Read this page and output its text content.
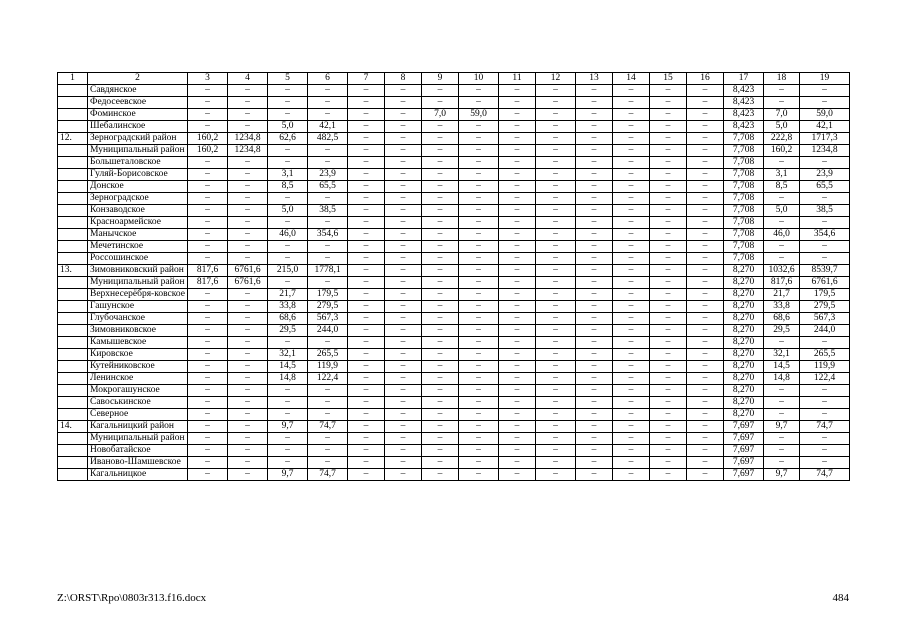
1	2	3	4	5	6	7	8	9	10	11	12	13	14	15	16	17	18	19
	Савдянское	–	–	–	–	–	–	–	–	–	–	–	–	–	–	8,423	–	–
	Федосеевское	–	–	–	–	–	–	–	–	–	–	–	–	–	–	8,423	–	–
	Фоминское	–	–	–	–	–	–	7,0	59,0	–	–	–	–	–	–	8,423	7,0	59,0
	Шебалинское	–	–	5,0	42,1	–	–	–	–	–	–	–	–	–	–	8,423	5,0	42,1
12.	Зерноградский район	160,2	1234,8	62,6	482,5	–	–	–	–	–	–	–	–	–	–	7,708	222,8	1717,3
	Муниципальный район	160,2	1234,8	–	–	–	–	–	–	–	–	–	–	–	–	7,708	160,2	1234,8
	Большеталовское	–	–	–	–	–	–	–	–	–	–	–	–	–	–	7,708	–	–
	Гуляй-Борисовское	–	–	3,1	23,9	–	–	–	–	–	–	–	–	–	–	7,708	3,1	23,9
	Донское	–	–	8,5	65,5	–	–	–	–	–	–	–	–	–	–	7,708	8,5	65,5
	Зерноградское	–	–	–	–	–	–	–	–	–	–	–	–	–	–	7,708	–	–
	Конзаводское	–	–	5,0	38,5	–	–	–	–	–	–	–	–	–	–	7,708	5,0	38,5
	Красноармейское	–	–	–	–	–	–	–	–	–	–	–	–	–	–	7,708	–	–
	Манычское	–	–	46,0	354,6	–	–	–	–	–	–	–	–	–	–	7,708	46,0	354,6
	Мечетинское	–	–	–	–	–	–	–	–	–	–	–	–	–	–	7,708	–	–
	Россошинское	–	–	–	–	–	–	–	–	–	–	–	–	–	–	7,708	–	–
13.	Зимовниковский район	817,6	6761,6	215,0	1778,1	–	–	–	–	–	–	–	–	–	–	8,270	1032,6	8539,7
	Муниципальный район	817,6	6761,6	–	–	–	–	–	–	–	–	–	–	–	–	8,270	817,6	6761,6
	Верхнесерёбря-ковское	–	–	21,7	179,5	–	–	–	–	–	–	–	–	–	–	8,270	21,7	179,5
	Гашунское	–	–	33,8	279,5	–	–	–	–	–	–	–	–	–	–	8,270	33,8	279,5
	Глубочанское	–	–	68,6	567,3	–	–	–	–	–	–	–	–	–	–	8,270	68,6	567,3
	Зимовниковское	–	–	29,5	244,0	–	–	–	–	–	–	–	–	–	–	8,270	29,5	244,0
	Камышевское	–	–	–	–	–	–	–	–	–	–	–	–	–	–	8,270	–	–
	Кировское	–	–	32,1	265,5	–	–	–	–	–	–	–	–	–	–	8,270	32,1	265,5
	Кутейниковское	–	–	14,5	119,9	–	–	–	–	–	–	–	–	–	–	8,270	14,5	119,9
	Ленинское	–	–	14,8	122,4	–	–	–	–	–	–	–	–	–	–	8,270	14,8	122,4
	Мокрогашунское	–	–	–	–	–	–	–	–	–	–	–	–	–	–	8,270	–	–
	Савоськинское	–	–	–	–	–	–	–	–	–	–	–	–	–	–	8,270	–	–
	Северное	–	–	–	–	–	–	–	–	–	–	–	–	–	–	8,270	–	–
14.	Кагальницкий район	–	–	9,7	74,7	–	–	–	–	–	–	–	–	–	–	7,697	9,7	74,7
	Муниципальный район	–	–	–	–	–	–	–	–	–	–	–	–	–	–	7,697	–	–
	Новобатайское	–	–	–	–	–	–	–	–	–	–	–	–	–	–	7,697	–	–
	Иваново-Шамшевское	–	–	–	–	–	–	–	–	–	–	–	–	–	–	7,697	–	–
	Кагальницкое	–	–	9,7	74,7	–	–	–	–	–	–	–	–	–	–	7,697	9,7	74,7
Z:\ORST\Rpo\0803r313.f16.docx	484
